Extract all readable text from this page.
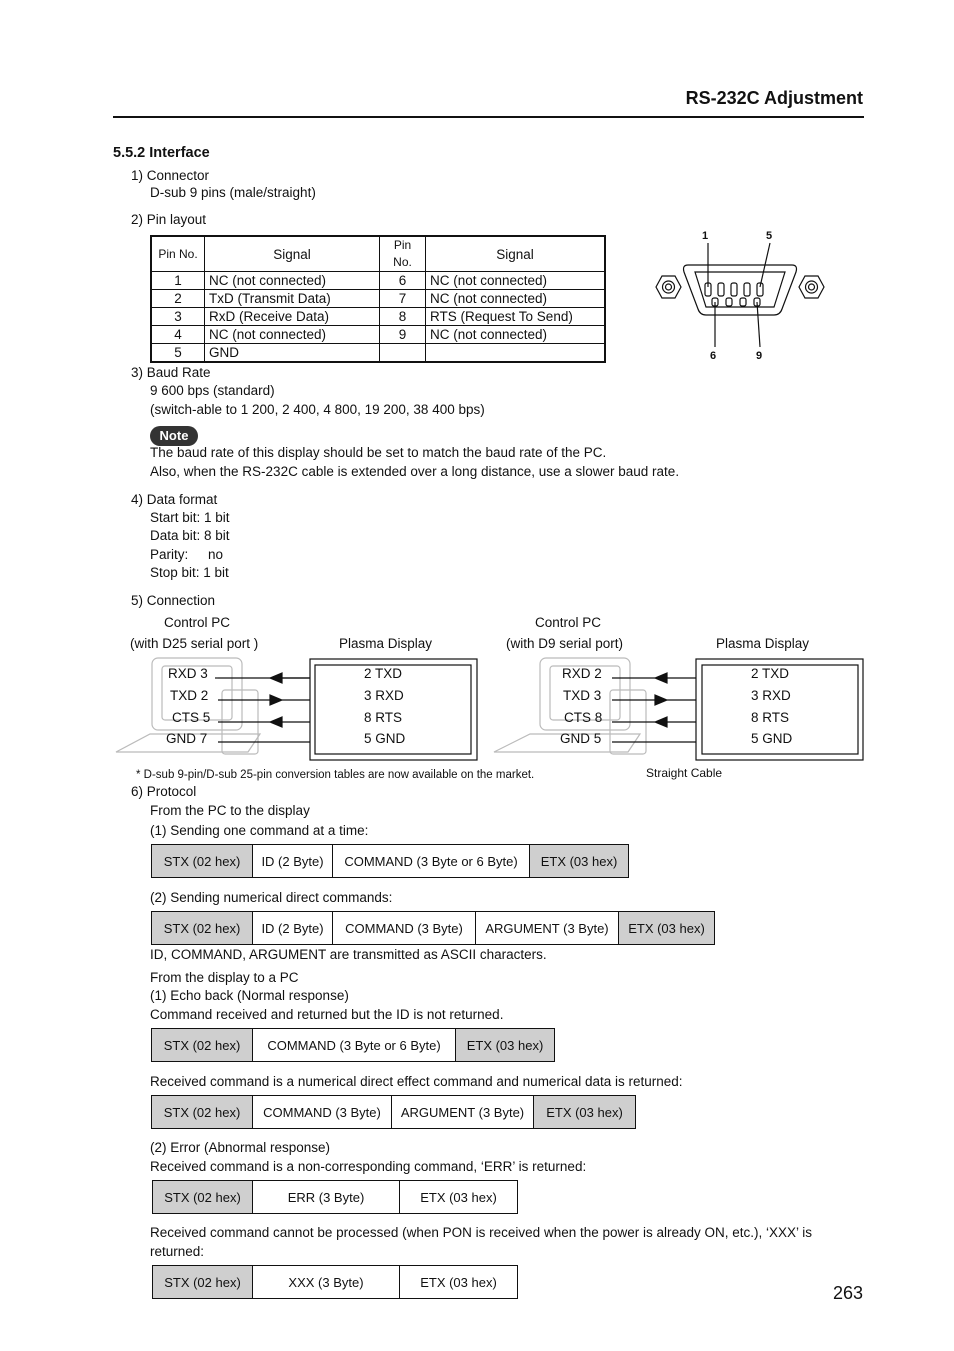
RS-232C Adjustment
5.5.2 Interface
1) Connector
D-sub 9 pins (male/straight)
2) Pin layout
Pin No.	Signal	Pin No.	Signal
1	NC (not connected)	6	NC (not connected)
2	TxD (Transmit Data)	7	NC (not connected)
3	RxD (Receive Data)	8	RTS (Request To Send)
4	NC (not connected)	9	NC (not connected)
5	GND		
1	5
6	9
3) Baud Rate
9 600 bps (standard)
(switch-able to 1 200, 2 400, 4 800, 19 200, 38 400 bps)
Note
The baud rate of this display should be set to match the baud rate of the PC.
Also, when the RS-232C cable is extended over a long distance, use a slower baud rate.
4) Data format
Start bit: 1 bit
Data bit: 8 bit
Parity: no
Stop bit: 1 bit
5) Connection
Control PC
(with D25 serial port )	Plasma Display
Control PC
(with D9 serial port)	Plasma Display
RXD 3
TXD 2
CTS 5
GND 7
2 TXD
3 RXD
8 RTS
5 GND
RXD 2
TXD 3
CTS 8
GND 5
2 TXD
3 RXD
8 RTS
5 GND
* D-sub 9-pin/D-sub 25-pin conversion tables are now available on the market.	Straight Cable
6) Protocol
From the PC to the display
(1) Sending one command at a time:
STX (02 hex)	ID (2 Byte)	COMMAND (3 Byte or 6 Byte)	ETX (03 hex)
(2) Sending numerical direct commands:
STX (02 hex)	ID (2 Byte)	COMMAND (3 Byte)	ARGUMENT (3 Byte)	ETX (03 hex)
ID, COMMAND, ARGUMENT are transmitted as ASCII characters.
From the display to a PC
(1) Echo back (Normal response)
Command received and returned but the ID is not returned.
STX (02 hex)	COMMAND (3 Byte or 6 Byte)	ETX (03 hex)
Received command is a numerical direct effect command and numerical data is returned:
STX (02 hex)	COMMAND (3 Byte)	ARGUMENT (3 Byte)	ETX (03 hex)
(2) Error (Abnormal response)
Received command is a non-corresponding command, ‘ERR’ is returned:
STX (02 hex)	ERR (3 Byte)	ETX (03 hex)
Received command cannot be processed (when PON is received when the power is already ON, etc.), ‘XXX’ is
returned:
STX (02 hex)	XXX (3 Byte)	ETX (03 hex)
263
